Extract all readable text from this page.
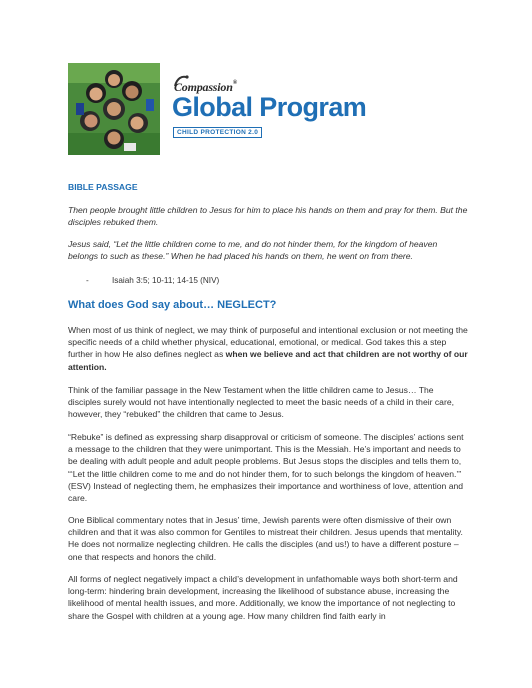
Compassion®
Global Program
CHILD PROTECTION 2.0
BIBLE PASSAGE
Then people brought little children to Jesus for him to place his hands on them and pray for them. But the disciples rebuked them.
Jesus said, “Let the little children come to me, and do not hinder them, for the kingdom of heaven belongs to such as these.” When he had placed his hands on them, he went on from there.
-	Isaiah 3:5; 10-11; 14-15 (NIV)
What does God say about… NEGLECT?
When most of us think of neglect, we may think of purposeful and intentional exclusion or not meeting the specific needs of a child whether physical, educational, emotional, or medical. God takes this a step further in how He also defines neglect as when we believe and act that children are not worthy of our attention.
Think of the familiar passage in the New Testament when the little children came to Jesus… The disciples surely would not have intentionally neglected to meet the basic needs of a child in their care, however, they “rebuked” the children that came to Jesus.
“Rebuke” is defined as expressing sharp disapproval or criticism of someone. The disciples’ actions sent a message to the children that they were unimportant. This is the Messiah. He’s important and needs to be dealing with adult people and adult people problems. But Jesus stops the disciples and tells them to, “‘Let the little children come to me and do not hinder them, for to such belongs the kingdom of heaven.’” (ESV) Instead of neglecting them, he emphasizes their importance and worthiness of love, attention and care.
One Biblical commentary notes that in Jesus’ time, Jewish parents were often dismissive of their own children and that it was also common for Gentiles to mistreat their children. Jesus upends that mentality. He does not normalize neglecting children. He calls the disciples (and us!) to have a different posture – one that respects and honors the child.
All forms of neglect negatively impact a child’s development in unfathomable ways both short-term and long-term: hindering brain development, increasing the likelihood of substance abuse, increasing the likelihood of mental health issues, and more. Additionally, we know the importance of not neglecting to share the Gospel with children at a young age. How many children find faith early in
